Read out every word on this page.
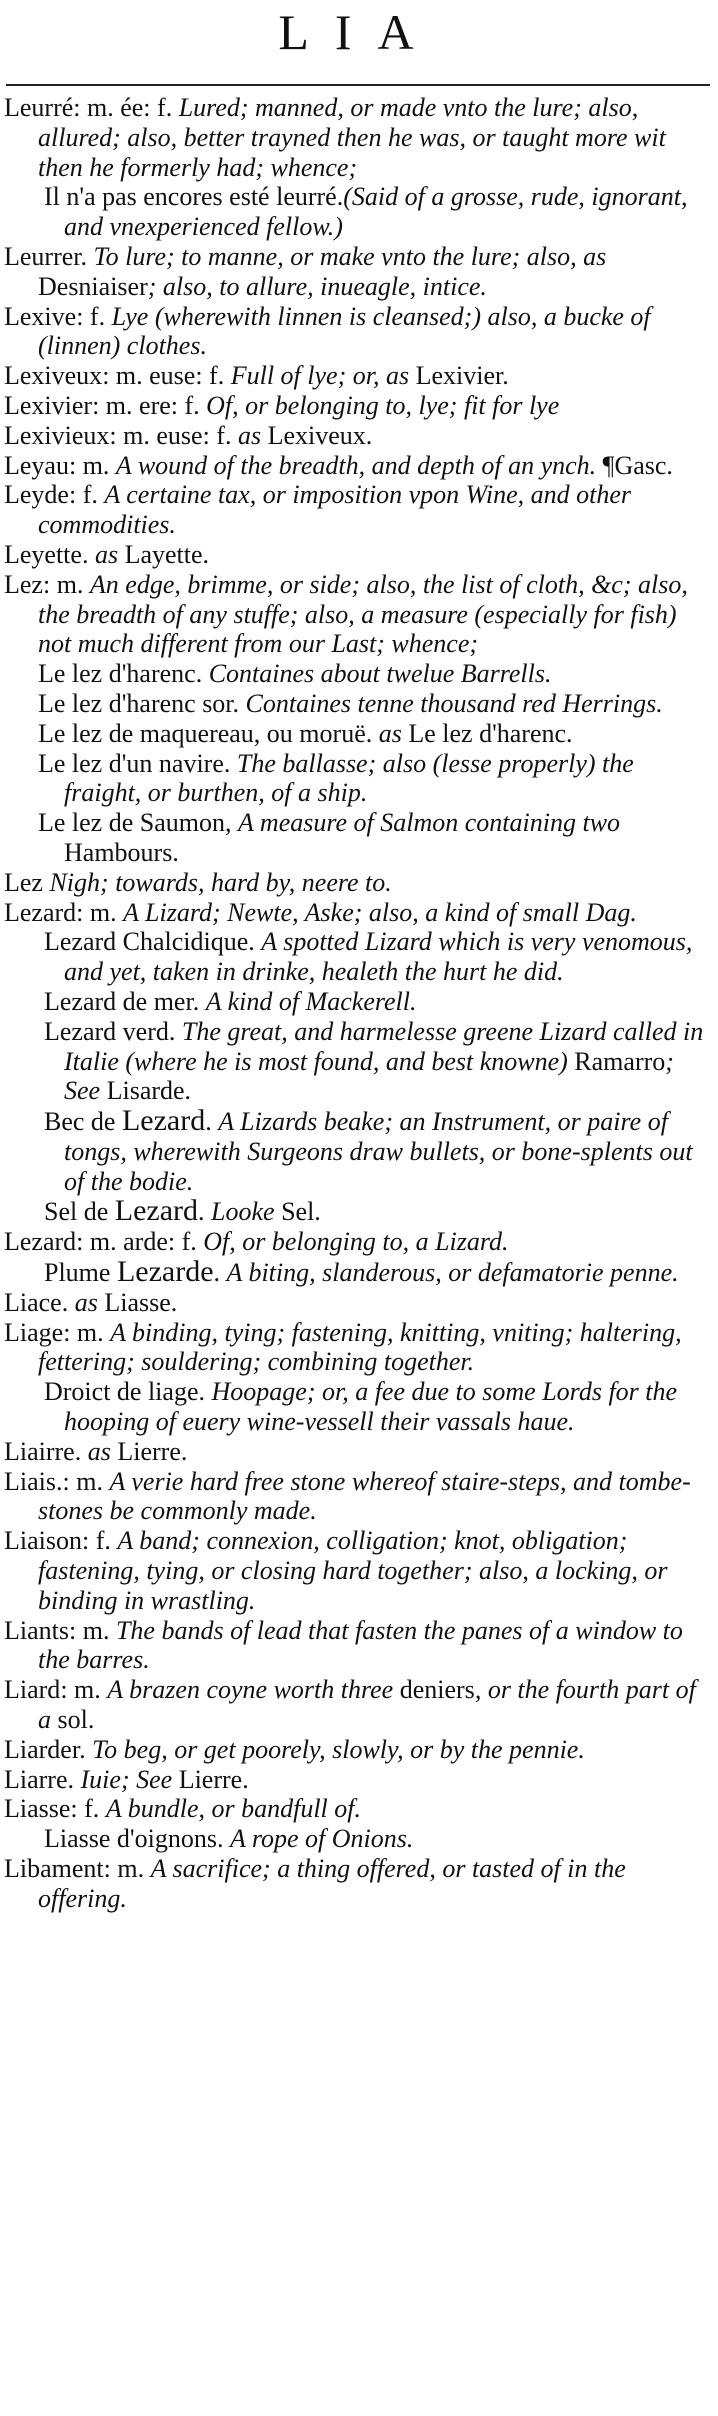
LIA

Leurré: m. ée: f. Lured; manned, or made vnto the lure; also, allured; also, better trayned then he was, or taught more wit then he formerly had; whence;

Il n'a pas encores esté leurré.(Said of a grosse, rude, ignorant, and vnexperienced fellow.)

Leurrer. To lure; to manne, or make vnto the lure; also, as Desniaiser; also, to allure, inueagle, intice.

Lexive: f. Lye (wherewith linnen is cleansed;) also, a bucke of (linnen) clothes.

Lexiveux: m. euse: f. Full of lye; or, as Lexivier.

Lexivier: m. ere: f. Of, or belonging to, lye; fit for lye

Lexivieux: m. euse: f. as Lexiveux.

Leyau: m. A wound of the breadth, and depth of an ynch. ¶Gasc.

Leyde: f. A certaine tax, or imposition vpon Wine, and other commodities.

Leyette. as Layette.

Lez: m. An edge, brimme, or side; also, the list of cloth, &c; also, the breadth of any stuffe; also, a measure (especially for fish) not much different from our Last; whence;

Le lez d'harenc. Containes about twelue Barrells.

Le lez d'harenc sor. Containes tenne thousand red Herrings.

Le lez de maquereau, ou moruë. as Le lez d'harenc.

Le lez d'un navire. The ballasse; also (lesse properly) the fraight, or burthen, of a ship.

Le lez de Saumon, A measure of Salmon containing two Hambours.

Lez Nigh; towards, hard by, neere to.

Lezard: m. A Lizard; Newte, Aske; also, a kind of small Dag.

Lezard Chalcidique. A spotted Lizard which is very venomous, and yet, taken in drinke, healeth the hurt he did.

Lezard de mer. A kind of Mackerell.

Lezard verd. The great, and harmelesse greene Lizard called in Italie (where he is most found, and best knowne) Ramarro; See Lisarde.

Bec de Lezard. A Lizards beake; an Instrument, or paire of tongs, wherewith Surgeons draw bullets, or bone-splents out of the bodie.

Sel de Lezard. Looke Sel.

Lezard: m. arde: f. Of, or belonging to, a Lizard.

Plume Lezarde. A biting, slanderous, or defamatorie penne.

Liace. as Liasse.

Liage: m. A binding, tying; fastening, knitting, vniting; haltering, fettering; souldering; combining together.

Droict de liage. Hoopage; or, a fee due to some Lords for the hooping of euery wine-vessell their vassals haue.

Liairre. as Lierre.

Liais.: m. A verie hard free stone whereof staire-steps, and tombe-stones be commonly made.

Liaison: f. A band; connexion, colligation; knot, obligation; fastening, tying, or closing hard together; also, a locking, or binding in wrastling.

Liants: m. The bands of lead that fasten the panes of a window to the barres.

Liard: m. A brazen coyne worth three deniers, or the fourth part of a sol.

Liarder. To beg, or get poorely, slowly, or by the pennie.

Liarre. Iuie; See Lierre.

Liasse: f. A bundle, or bandfull of.

Liasse d'oignons. A rope of Onions.

Libament: m. A sacrifice; a thing offered, or tasted of in the offering.
